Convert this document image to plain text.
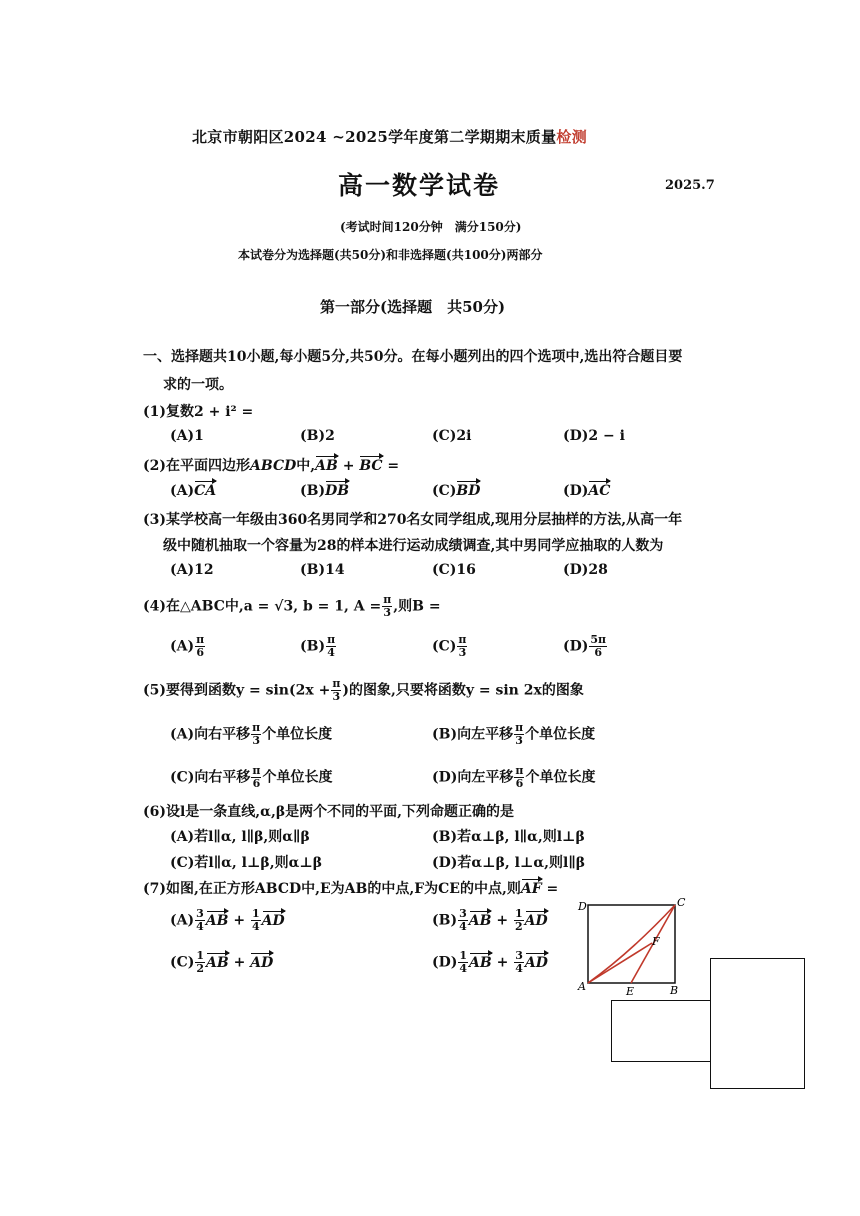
北京市朝阳区2024 ~2025学年度第二学期期末质量检测
高一数学试卷	2025.7
(考试时间120分钟　满分150分)
本试卷分为选择题(共50分)和非选择题(共100分)两部分
第一部分(选择题　共50分)
一、选择题共10小题,每小题5分,共50分。在每小题列出的四个选项中,选出符合题目要
求的一项。
(1)复数2 + i² =
(A)1	(B)2	(C)2i	(D)2 − i
(2)在平面四边形ABCD中,AB + BC =
(A)CA	(B)DB	(C)BD	(D)AC
(3)某学校高一年级由360名男同学和270名女同学组成,现用分层抽样的方法,从高一年
级中随机抽取一个容量为28的样本进行运动成绩调查,其中男同学应抽取的人数为
(A)12	(B)14	(C)16	(D)28
(4)在△ABC中,a = √3, b = 1, $A = \frac{\pi}{3}$ ,则B =
$(A) \frac{\pi}{6}$	$(B) \frac{\pi}{4}$	$(C) \frac{\pi}{3}$	$(D) \frac{5\pi}{6}$
(5)要得到函数$y = \sin(2x + \frac{\pi}{3}$ )的图象,只要将函数y = sin 2x的图象
(A)向右平移 $\frac{\pi}{3}$ 个单位长度	(B)向左平移 $\frac{\pi}{3}$ 个单位长度
(C)向右平移 $\frac{\pi}{6}$ 个单位长度	(D)向左平移 $\frac{\pi}{6}$ 个单位长度
(6)设l是一条直线,α,β是两个不同的平面,下列命题正确的是
(A)若l∥α, l∥β,则α∥β	(B)若α⊥β, l∥α,则l⊥β
(C)若l∥α, l⊥β,则α⊥β	(D)若α⊥β, l⊥α,则l∥β
(7)如图,在正方形ABCD中,E为AB的中点,F为CE的中点,则AF =
$(A) \frac{3}{4}$ AB + $\frac{1}{4}$ AD	$(B) \frac{3}{4}$ AB + $\frac{1}{2}$ AD
$(C) \frac{1}{2}$ AB + AD	$(D) \frac{1}{4}$ AB + $\frac{3}{4}$ AD
D	C
A	B
E
F
